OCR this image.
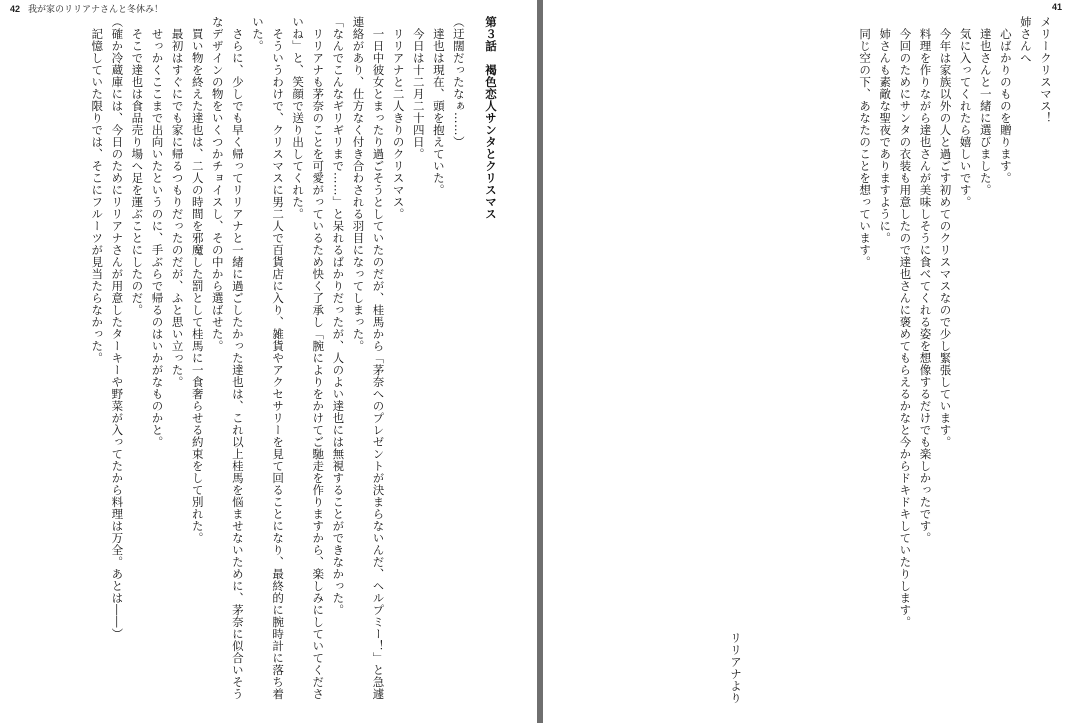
42 我が家のリリアナさんと冬休み！

第３話　褐色恋人サンタとクリスマス

（迂闊だったなぁ……）

達也は現在、頭を抱えていた。

今日は十二月二十四日。

リリアナと二人きりのクリスマス。

一日中彼女とまったり過ごそうとしていたのだが、桂馬から「茅奈へのプレゼントが決まらないんだ、ヘルプミー！」と急遽連絡があり、仕方なく付き合わされる羽目になってしまった。

「なんでこんなギリギリまで……」と呆れるばかりだったが、人のよい達也には無視することができなかった。

リリアナも茅奈のことを可愛がっているため快く了承し「腕によりをかけてご馳走を作りますから、楽しみにしていてくださいね」と、笑顔で送り出してくれた。

そういうわけで、クリスマスに男二人で百貨店に入り、雑貨やアクセサリーを見て回ることになり、最終的に腕時計に落ち着いた。

さらに、少しでも早く帰ってリリアナと一緒に過ごしたかった達也は、これ以上桂馬を悩ませないために、茅奈に似合いそうなデザインの物をいくつかチョイスし、その中から選ばせた。

買い物を終えた達也は、二人の時間を邪魔した罰として桂馬に一食奢らせる約束をして別れた。

最初はすぐにでも家に帰るつもりだったのだが、ふと思い立った。

せっかくここまで出向いたというのに、手ぶらで帰るのはいかがなものかと。

そこで達也は食品売り場へ足を運ぶことにしたのだ。

（確か冷蔵庫には、今日のためにリリアナさんが用意したターキーや野菜が入ってたから料理は万全。あとは――）

記憶していた限りでは、そこにフルーツが見当たらなかった。

41

メリークリスマス！

姉さんへ

心ばかりのものを贈ります。

達也さんと一緒に選びました。

気に入ってくれたら嬉しいです。

今年は家族以外の人と過ごす初めてのクリスマスなので少し緊張しています。

料理を作りながら達也さんが美味しそうに食べてくれる姿を想像するだけでも楽しかったです。

今回のためにサンタの衣装も用意したので達也さんに褒めてもらえるかなと今からドキドキしていたりします。

姉さんも素敵な聖夜でありますように。

同じ空の下、あなたのことを想っています。

リリアナより
